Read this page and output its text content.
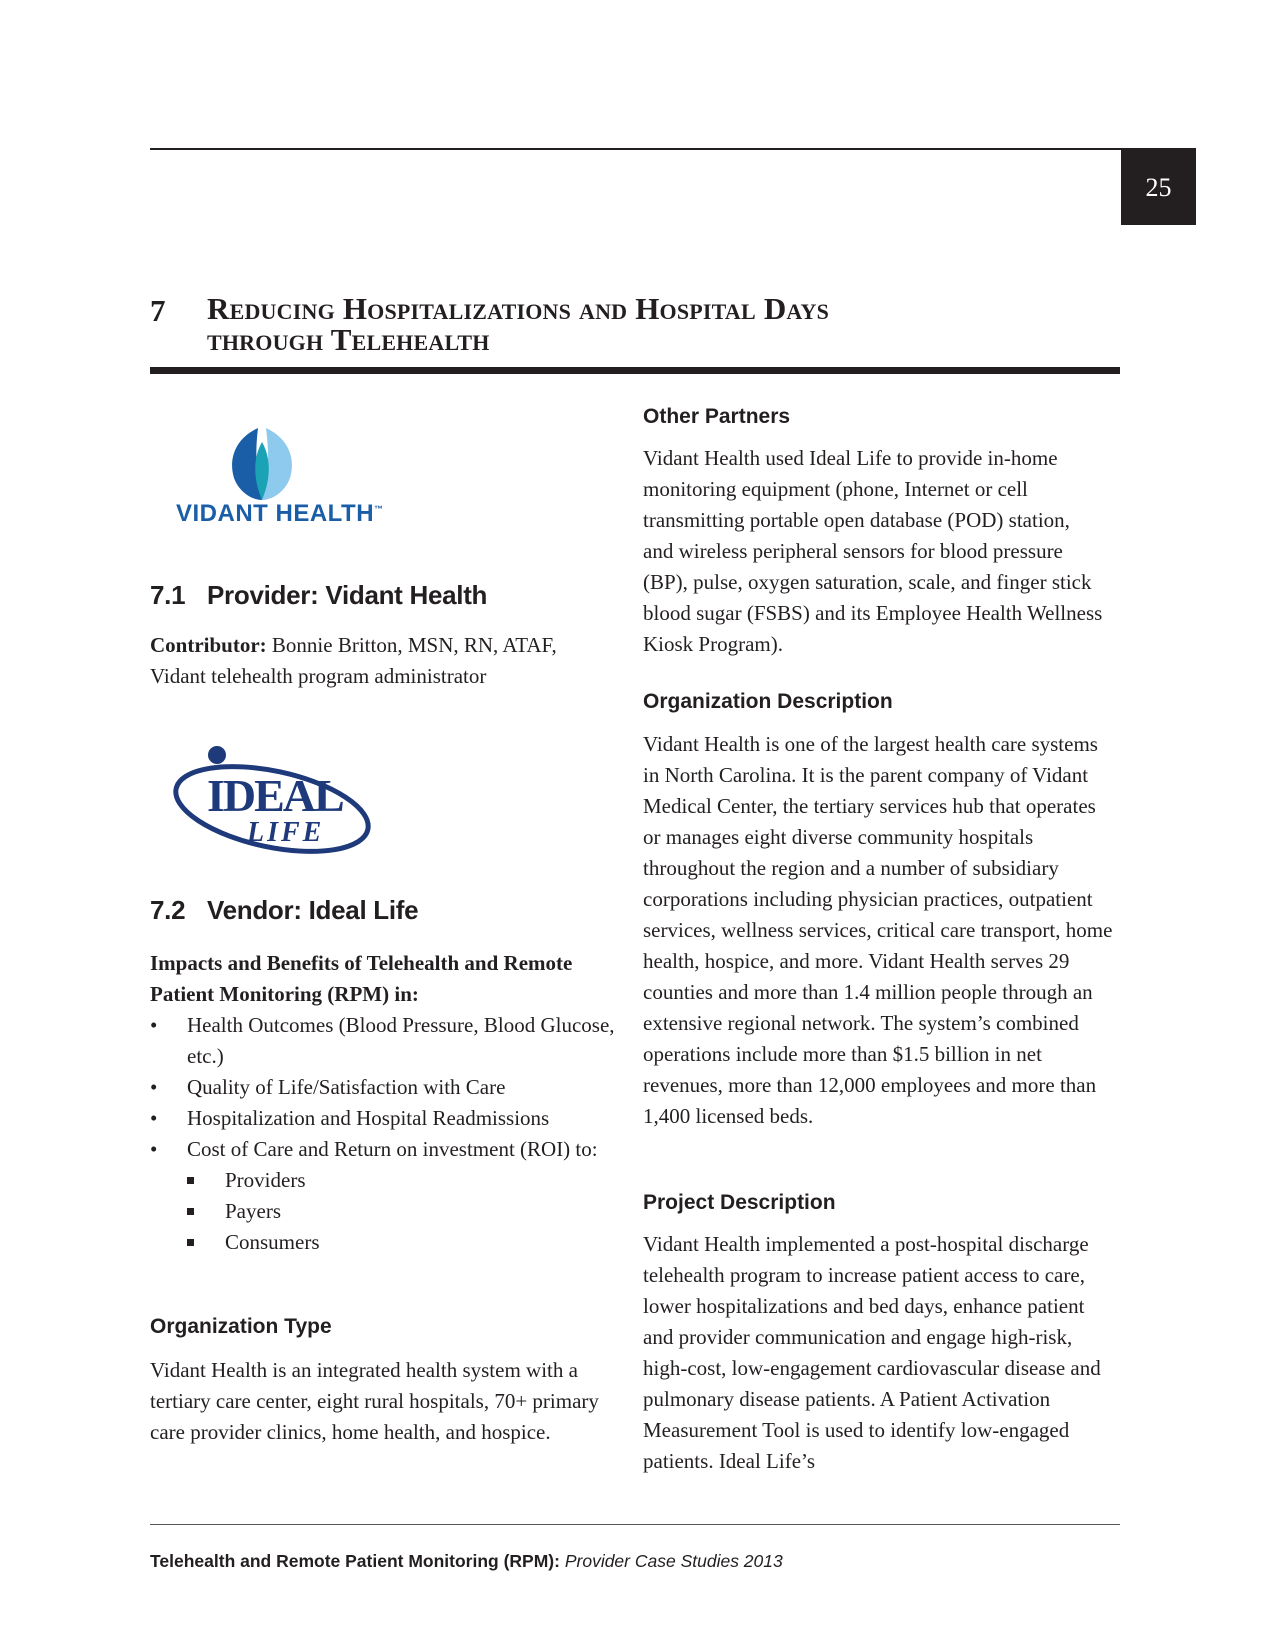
25
7 Reducing Hospitalizations and Hospital Days
through Telehealth
VIDANT HEALTH™
7.1 Provider: Vidant Health
Contributor: Bonnie Britton, MSN, RN, ATAF,
Vidant telehealth program administrator
IDEAL
LIFE
7.2 Vendor: Ideal Life
Impacts and Benefits of Telehealth and Remote
Patient Monitoring (RPM) in:
•	Health Outcomes (Blood Pressure, Blood Glucose, etc.)
•	Quality of Life/Satisfaction with Care
•	Hospitalization and Hospital Readmissions
•	Cost of Care and Return on investment (ROI) to:
Providers
Payers
Consumers
Organization Type
Vidant Health is an integrated health system with a tertiary care center, eight rural hospitals, 70+ primary care provider clinics, home health, and hospice.
Other Partners
Vidant Health used Ideal Life to provide in-home monitoring equipment (phone, Internet or cell transmitting portable open database (POD) station, and wireless peripheral sensors for blood pressure (BP), pulse, oxygen saturation, scale, and finger stick blood sugar (FSBS) and its Employee Health Wellness Kiosk Program).
Organization Description
Vidant Health is one of the largest health care systems in North Carolina. It is the parent company of Vidant Medical Center, the tertiary services hub that operates or manages eight diverse community hospitals throughout the region and a number of subsidiary corporations including physician practices, outpatient services, wellness services, critical care transport, home health, hospice, and more. Vidant Health serves 29 counties and more than 1.4 million people through an extensive regional network. The system’s combined operations include more than $1.5 billion in net revenues, more than 12,000 employees and more than 1,400 licensed beds.
Project Description
Vidant Health implemented a post-hospital discharge telehealth program to increase patient access to care, lower hospitalizations and bed days, enhance patient and provider communication and engage high-risk, high-cost, low-engagement cardiovascular disease and pulmonary disease patients. A Patient Activation Measurement Tool is used to identify low-engaged patients. Ideal Life’s
Telehealth and Remote Patient Monitoring (RPM): Provider Case Studies 2013
